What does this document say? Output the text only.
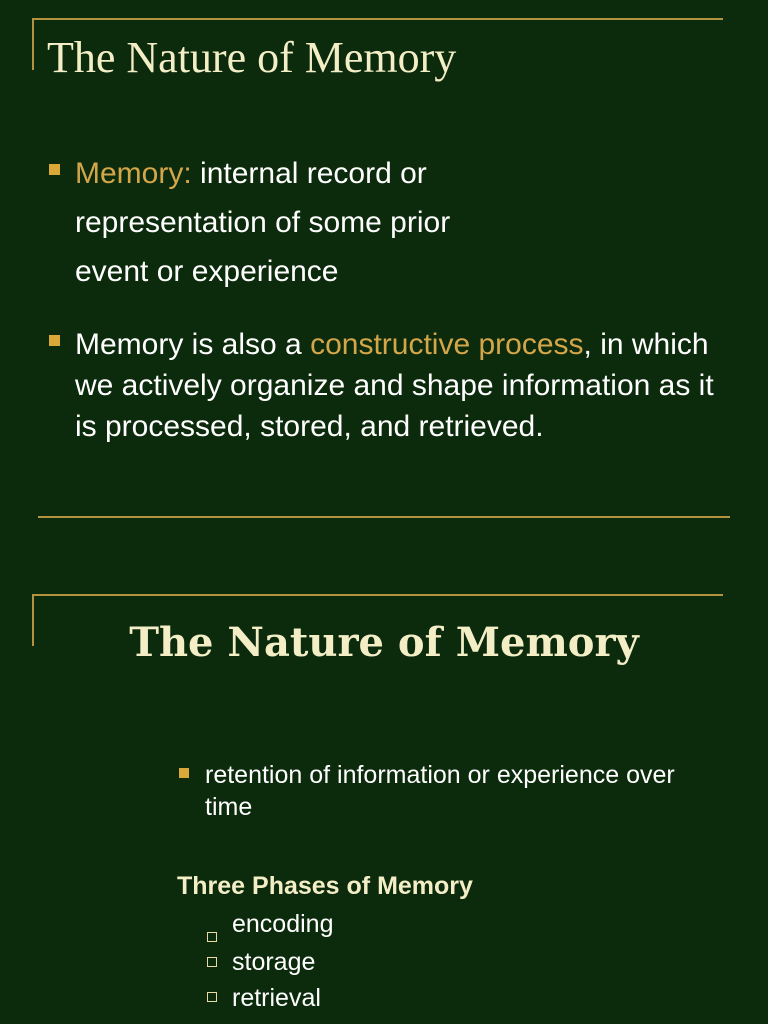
The Nature of Memory
Memory: internal record or
representation of some prior
event or experience
Memory is also a constructive process, in which we actively organize and shape information as it is processed, stored, and retrieved.
The Nature of Memory
retention of information or experience over time
Three Phases of Memory
encoding
storage
retrieval
